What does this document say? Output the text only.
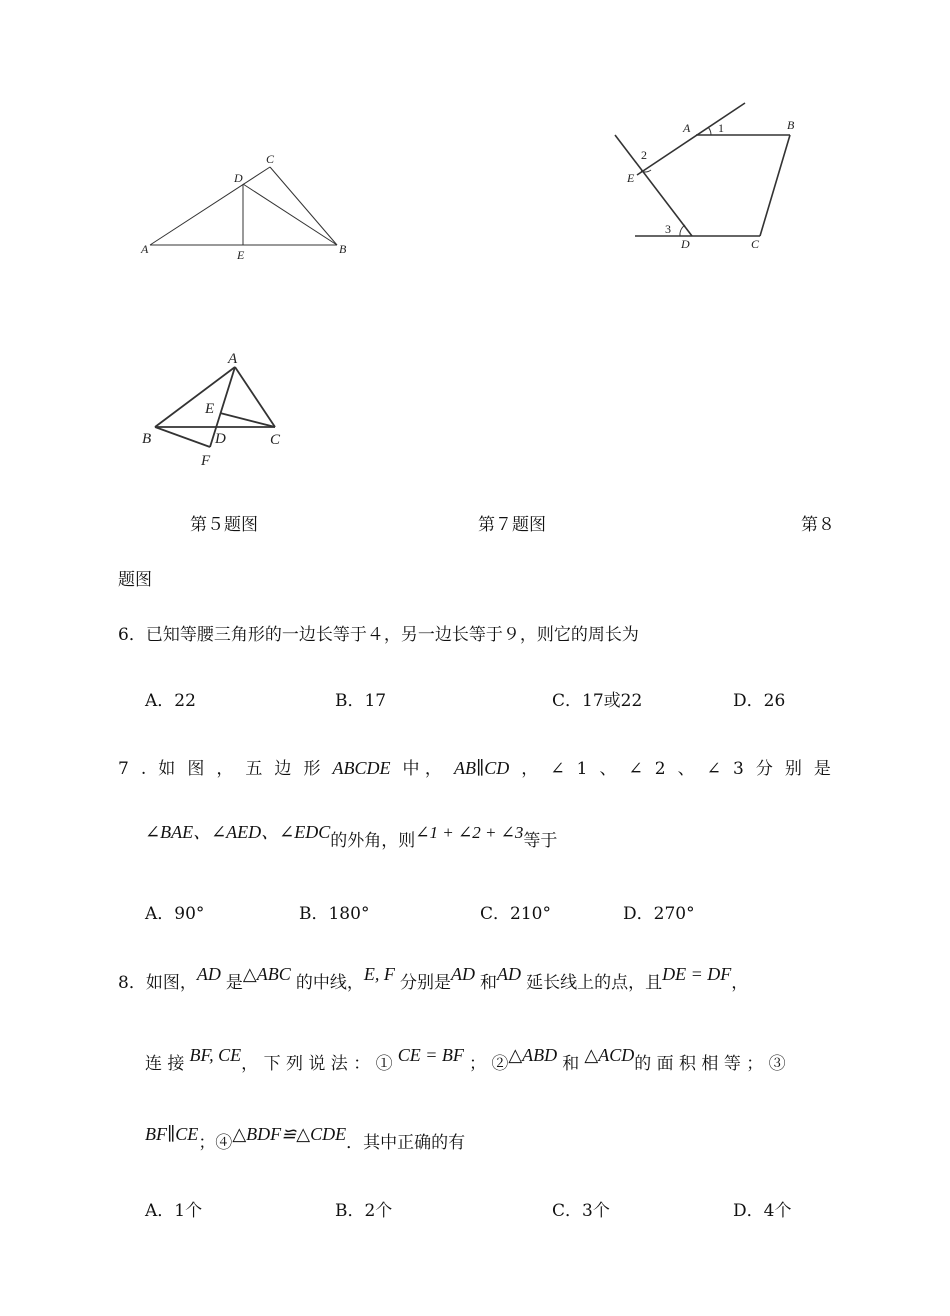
A	B
C
D
E
A	B
C
D
E
1
2
3
A
B	C
D
E
F
第５题图	第７题图	第８
题图
6．已知等腰三角形的一边长等于４，另一边长等于９，则它的周长为
A．22	B．17	C．17或22	D．26
7 . 如 图 ， 五 边 形 ABCDE 中 ， AB∥CD ， ∠ 1 、 ∠ 2 、 ∠ 3 分 别 是
∠BAE、∠AED、∠EDC的外角，则∠1 + ∠2 + ∠3等于
A．90°	B．180°	C．210°	D．270°
8．如图，AD 是△ABC 的中线，E, F 分别是AD 和AD 延长线上的点，且DE = DF，
连 接 BF, CE， 下 列 说 法 ： ① CE = BF ； ②△ABD 和 △ACD的 面 积 相 等 ； ③
BF∥CE；④△BDF≌△CDE．其中正确的有
A．1个	B．2个	C．3个	D．4个
